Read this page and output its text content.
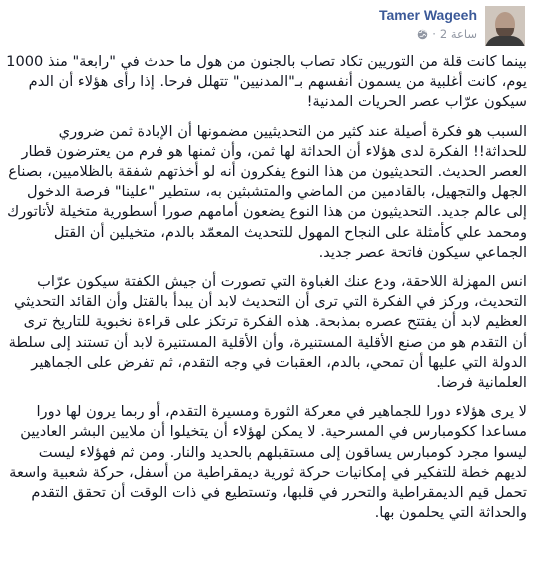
Tamer Wageeh
· 2 ساعة

بينما كانت قلة من التوريين تكاد تصاب بالجنون من هول ما حدث في "رابعة" منذ 1000 يوم، كانت أغلبية من يسمون أنفسهم بـ"المدنيين" تتهلل فرحا. إذا رأى هؤلاء أن الدم سيكون عرّاب عصر الحريات المدنية!

السبب هو فكرة أصيلة عند كثير من التحديثيين مضمونها أن الإبادة ثمن ضروري للحداثة!! الفكرة لدى هؤلاء أن الحداثة لها ثمن، وأن ثمنها هو فرم من يعترضون قطار العصر الحديث. التحديثيون من هذا النوع يفكرون أنه لو أخذتهم شفقة بالظلاميين، بصناع الجهل والتجهيل، بالقادمين من الماضي والمتشبثين به، ستطير "علينا" فرصة الدخول إلى عالم جديد. التحديثيون من هذا النوع يضعون أمامهم صورا أسطورية متخيلة لأتاتورك ومحمد علي كأمثلة على النجاح المهول للتحديث المعمّد بالدم، متخيلين أن القتل الجماعي سيكون فاتحة عصر جديد.

انس المهزلة اللاحقة، ودع عنك الغباوة التي تصورت أن جيش الكفتة سيكون عرّاب التحديث، وركز في الفكرة التي ترى أن التحديث لابد أن يبدأ بالقتل وأن القائد التحديثي العظيم لابد أن يفتتح عصره بمذبحة. هذه الفكرة ترتكز على قراءة نخبوية للتاريخ ترى أن التقدم هو من صنع الأقلية المستنيرة، وأن الأقلية المستنيرة لابد أن تستند إلى سلطة الدولة التي عليها أن تمحي، بالدم، العقبات في وجه التقدم، ثم تفرض على الجماهير العلمانية فرضا.

لا يرى هؤلاء دورا للجماهير في معركة الثورة ومسيرة التقدم، أو ربما يرون لها دورا مساعدا ككومبارس في المسرحية. لا يمكن لهؤلاء أن يتخيلوا أن ملايين البشر العاديين ليسوا مجرد كومبارس يساقون إلى مستقبلهم بالحديد والنار. ومن ثم فهؤلاء ليست لديهم خطة للتفكير في إمكانيات حركة ثورية ديمقراطية من أسفل، حركة شعبية واسعة تحمل قيم الديمقراطية والتحرر في قلبها، وتستطيع في ذات الوقت أن تحقق التقدم والحداثة التي يحلمون بها.
